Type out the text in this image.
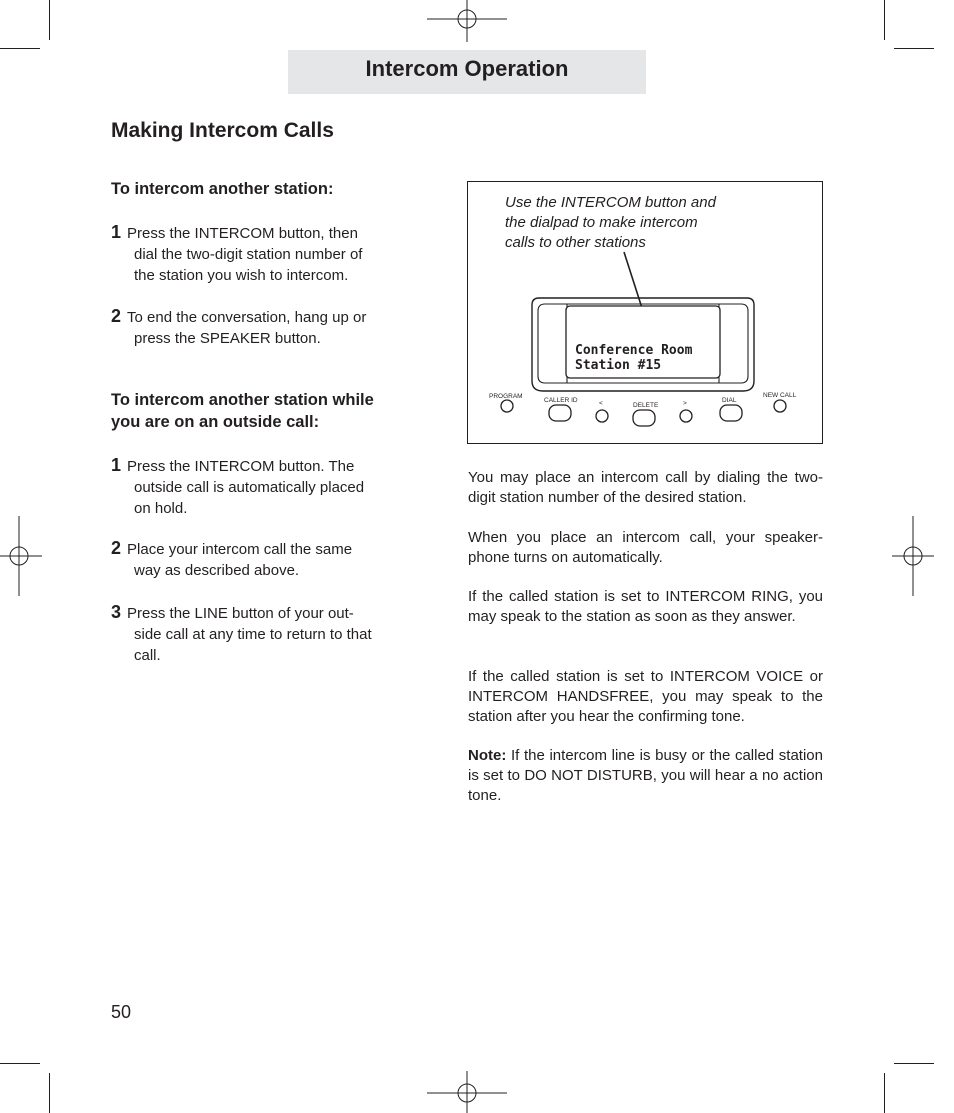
Intercom Operation
Making Intercom Calls
To intercom another station:
1 Press the INTERCOM button, then
dial the two-digit station number of
the station you wish to intercom.
2 To end the conversation, hang up or
press the SPEAKER button.
To intercom another station while
you are on an outside call:
1 Press the INTERCOM button. The
outside call is automatically placed
on hold.
2 Place your intercom call the same
way as described above.
3 Press the LINE button of your out-
side call at any time to return to that
call.
Use the INTERCOM button and
the dialpad to make intercom
calls to other stations
Conference Room
Station #15
PROGRAM
CALLER ID	<	DELETE	>	DIAL
NEW CALL
You may place an intercom call by dialing the two-digit station number of the desired station.
When you place an intercom call, your speaker-phone turns on automatically.
If the called station is set to INTERCOM RING, you may speak to the station as soon as they answer.
If the called station is set to INTERCOM VOICE or INTERCOM HANDSFREE, you may speak to the station after you hear the confirming tone.
Note: If the intercom line is busy or the called station is set to DO NOT DISTURB, you will hear a no action tone.
50
